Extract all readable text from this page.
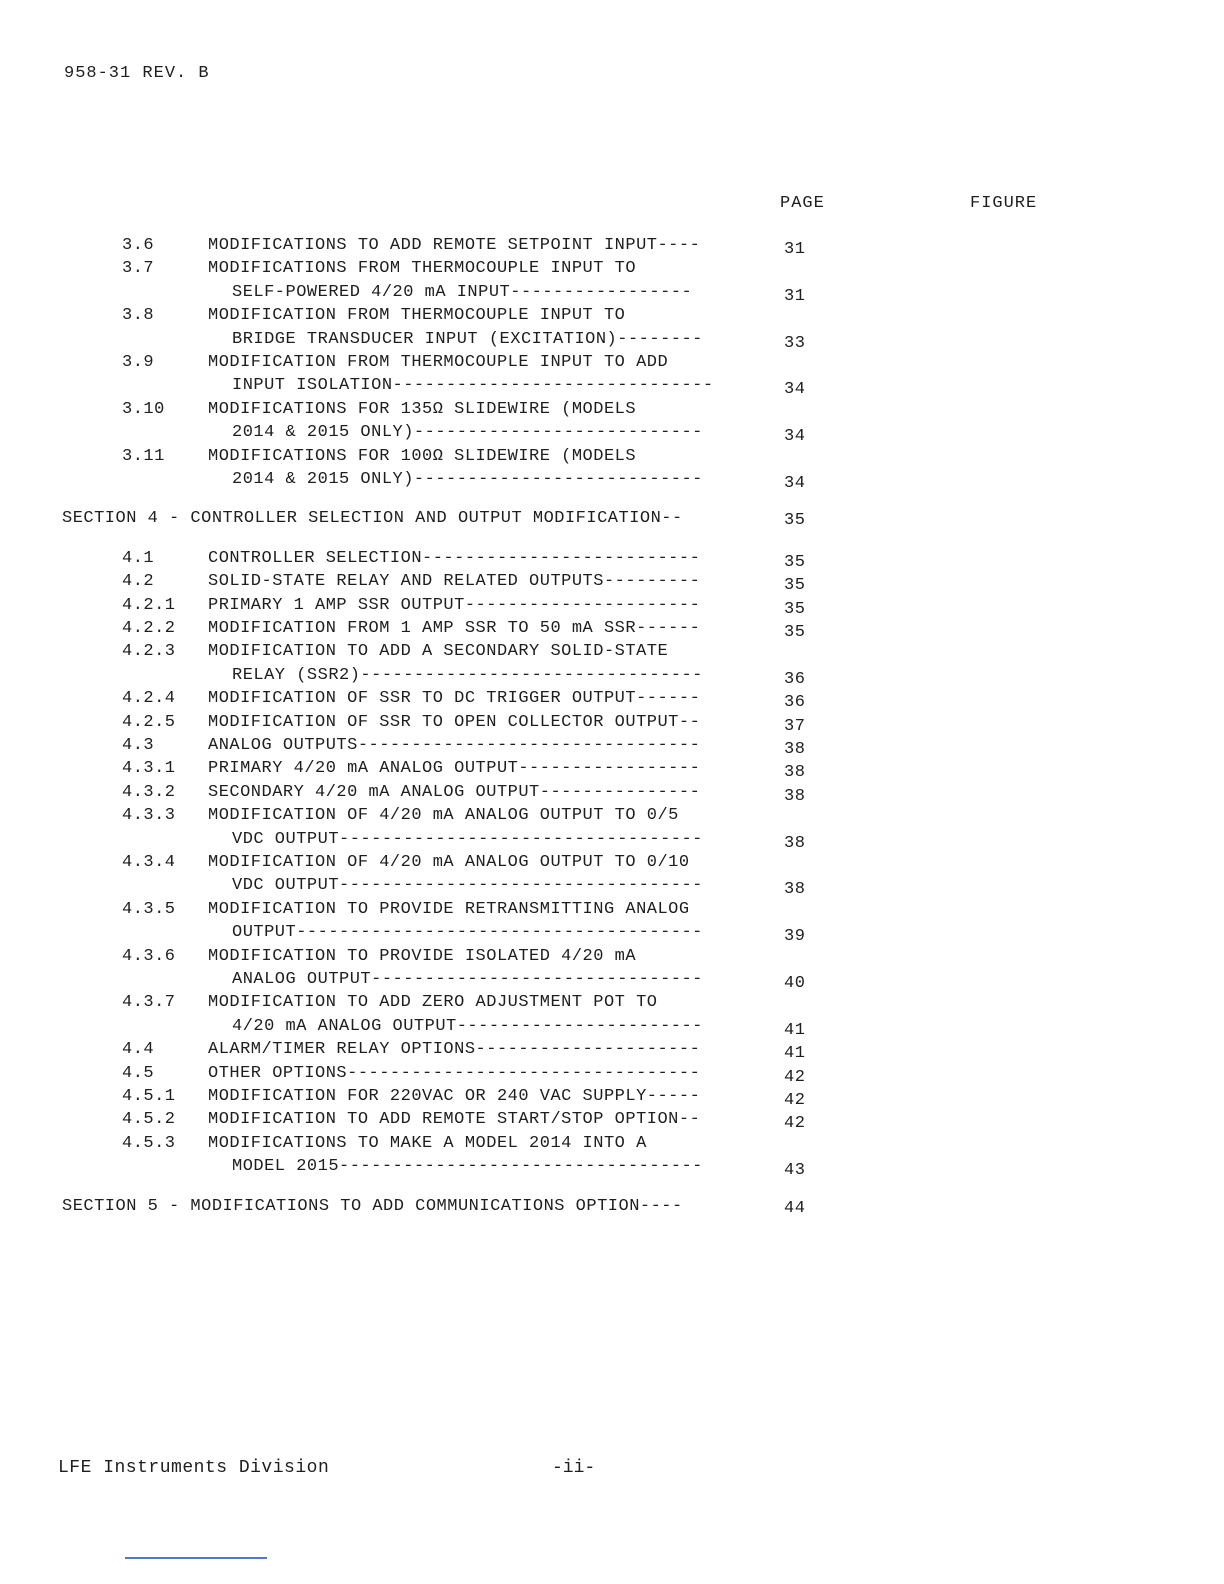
958-31 REV. B
PAGE	FIGURE
3.6	MODIFICATIONS TO ADD REMOTE SETPOINT INPUT----	31
3.7	MODIFICATIONS FROM THERMOCOUPLE INPUT TO
SELF-POWERED 4/20 mA INPUT-----------------	31
3.8	MODIFICATION FROM THERMOCOUPLE INPUT TO
BRIDGE TRANSDUCER INPUT (EXCITATION)--------	33
3.9	MODIFICATION FROM THERMOCOUPLE INPUT TO ADD
INPUT ISOLATION------------------------------	34
3.10	MODIFICATIONS FOR 135Ω SLIDEWIRE (MODELS
2014 & 2015 ONLY)---------------------------	34
3.11	MODIFICATIONS FOR 100Ω SLIDEWIRE (MODELS
2014 & 2015 ONLY)---------------------------	34
SECTION 4 - CONTROLLER SELECTION AND OUTPUT MODIFICATION--	35
4.1	CONTROLLER SELECTION--------------------------	35
4.2	SOLID-STATE RELAY AND RELATED OUTPUTS---------	35
4.2.1 PRIMARY 1 AMP SSR OUTPUT----------------------	35
4.2.2 MODIFICATION FROM 1 AMP SSR TO 50 mA SSR------	35
4.2.3 MODIFICATION TO ADD A SECONDARY SOLID-STATE
RELAY (SSR2)--------------------------------	36
4.2.4 MODIFICATION OF SSR TO DC TRIGGER OUTPUT------	36
4.2.5 MODIFICATION OF SSR TO OPEN COLLECTOR OUTPUT--	37
4.3	ANALOG OUTPUTS--------------------------------	38
4.3.1 PRIMARY 4/20 mA ANALOG OUTPUT-----------------	38
4.3.2 SECONDARY 4/20 mA ANALOG OUTPUT---------------	38
4.3.3 MODIFICATION OF 4/20 mA ANALOG OUTPUT TO 0/5
VDC OUTPUT----------------------------------	38
4.3.4 MODIFICATION OF 4/20 mA ANALOG OUTPUT TO 0/10
VDC OUTPUT----------------------------------	38
4.3.5 MODIFICATION TO PROVIDE RETRANSMITTING ANALOG
OUTPUT--------------------------------------	39
4.3.6 MODIFICATION TO PROVIDE ISOLATED 4/20 mA
ANALOG OUTPUT-------------------------------	40
4.3.7 MODIFICATION TO ADD ZERO ADJUSTMENT POT TO
4/20 mA ANALOG OUTPUT-----------------------	41
4.4	ALARM/TIMER RELAY OPTIONS---------------------	41
4.5	OTHER OPTIONS---------------------------------	42
4.5.1 MODIFICATION FOR 220VAC OR 240 VAC SUPPLY-----	42
4.5.2 MODIFICATION TO ADD REMOTE START/STOP OPTION--	42
4.5.3 MODIFICATIONS TO MAKE A MODEL 2014 INTO A
MODEL 2015----------------------------------	43
SECTION 5 - MODIFICATIONS TO ADD COMMUNICATIONS OPTION----	44
LFE Instruments Division	-ii-
